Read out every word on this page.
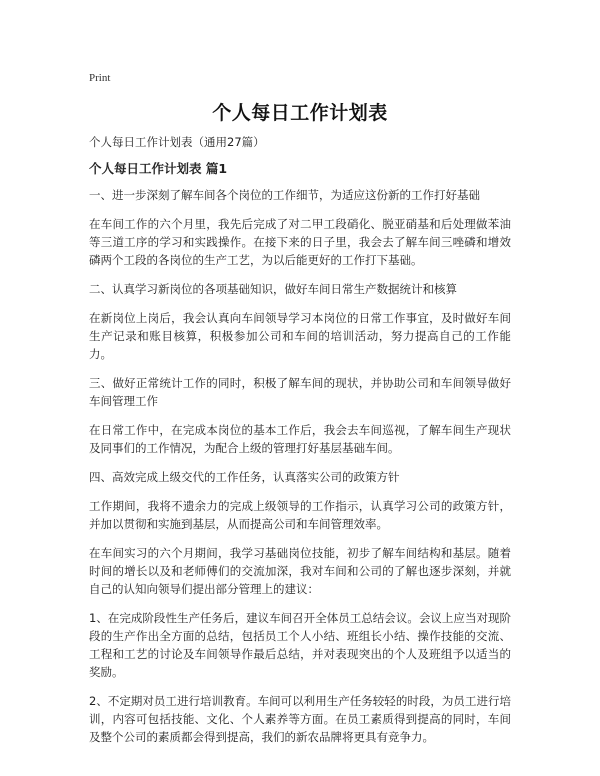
Print
个人每日工作计划表

个人每日工作计划表（通用27篇）

个人每日工作计划表 篇1

一、进一步深刻了解车间各个岗位的工作细节，为适应这份新的工作打好基础

在车间工作的六个月里，我先后完成了对二甲工段硝化、脱亚硝基和后处理做苯油等三道工序的学习和实践操作。在接下来的日子里，我会去了解车间三唑磷和增效磷两个工段的各岗位的生产工艺，为以后能更好的工作打下基础。

二、认真学习新岗位的各项基础知识，做好车间日常生产数据统计和核算

在新岗位上岗后，我会认真向车间领导学习本岗位的日常工作事宜，及时做好车间生产记录和账目核算，积极参加公司和车间的培训活动，努力提高自己的工作能力。

三、做好正常统计工作的同时，积极了解车间的现状，并协助公司和车间领导做好车间管理工作

在日常工作中，在完成本岗位的基本工作后，我会去车间巡视，了解车间生产现状及同事们的工作情况，为配合上级的管理打好基层基础车间。

四、高效完成上级交代的工作任务，认真落实公司的政策方针

工作期间，我将不遗余力的完成上级领导的工作指示，认真学习公司的政策方针，并加以贯彻和实施到基层，从而提高公司和车间管理效率。

在车间实习的六个月期间，我学习基础岗位技能，初步了解车间结构和基层。随着时间的增长以及和老师傅们的交流加深，我对车间和公司的了解也逐步深刻，并就自己的认知向领导们提出部分管理上的建议：

1、在完成阶段性生产任务后，建议车间召开全体员工总结会议。会议上应当对现阶段的生产作出全方面的总结，包括员工个人小结、班组长小结、操作技能的交流、工程和工艺的讨论及车间领导作最后总结，并对表现突出的个人及班组予以适当的奖励。

2、不定期对员工进行培训教育。车间可以利用生产任务较轻的时段，为员工进行培训，内容可包括技能、文化、个人素养等方面。在员工素质得到提高的同时，车间及整个公司的素质都会得到提高，我们的新农品牌将更具有竞争力。
